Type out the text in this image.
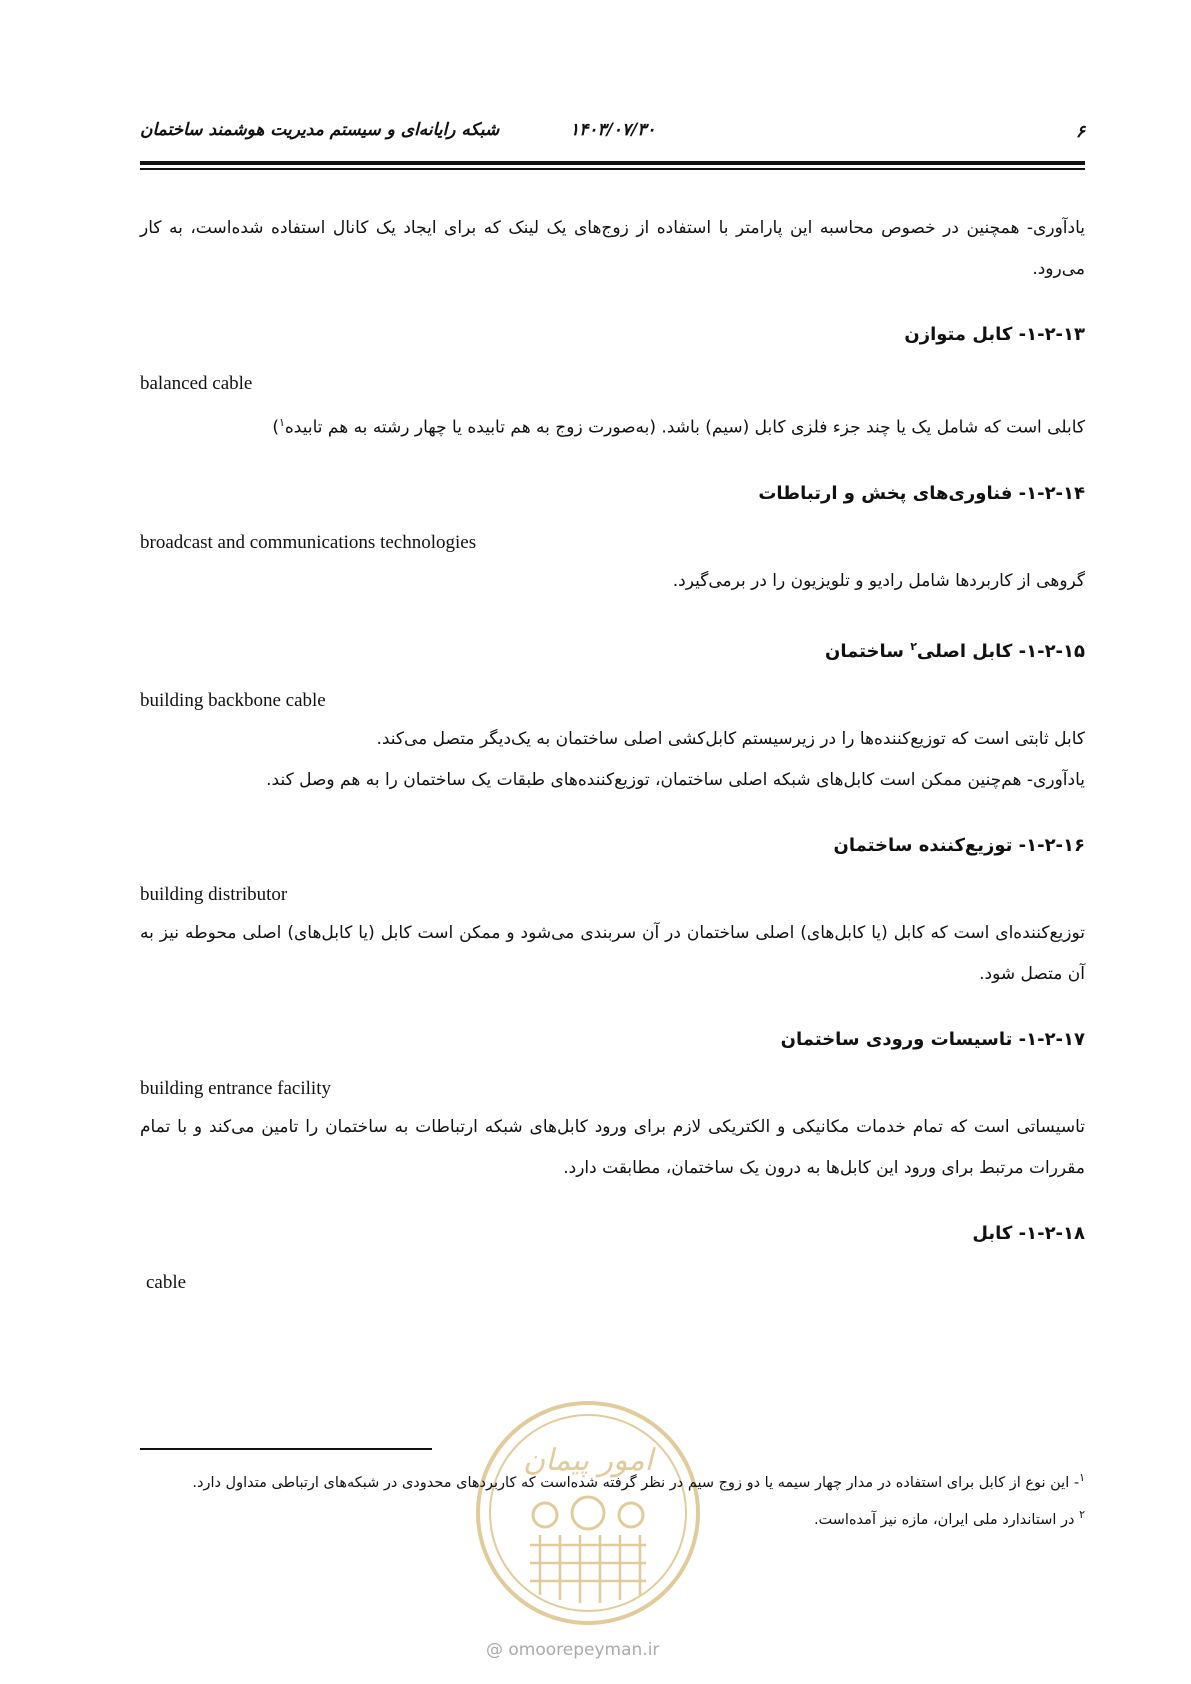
۶
۱۴۰۳/۰۷/۳۰
شبکه رایانه‌ای و سیستم مدیریت هوشمند ساختمان

یادآوری- همچنین در خصوص محاسبه این پارامتر با استفاده از زوج‌های یک لینک که برای ایجاد یک کانال استفاده شده‌است، به کار می‌رود.

۱-۲-۱۳- کابل متوازن

balanced cable

کابلی است که شامل یک یا چند جزء فلزی کابل (سیم) باشد. (به‌صورت زوج به هم تابیده یا چهار رشته به هم تابیده$^۱$)

۱-۲-۱۴- فناوری‌های پخش و ارتباطات

broadcast and communications technologies

گروهی از کاربردها شامل رادیو و تلویزیون را در برمی‌گیرد.

۱-۲-۱۵- کابل اصلی$^۲$ ساختمان

building backbone cable

کابل ثابتی است که توزیع‌کننده‌ها را در زیرسیستم کابل‌کشی اصلی ساختمان به یک‌دیگر متصل می‌کند.

یادآوری- هم‌چنین ممکن است کابل‌های شبکه اصلی ساختمان، توزیع‌کننده‌های طبقات یک ساختمان را به هم وصل کند.

۱-۲-۱۶- توزیع‌کننده ساختمان

building distributor

توزیع‌کننده‌ای است که کابل (یا کابل‌های) اصلی ساختمان در آن سربندی می‌شود و ممکن است کابل (یا کابل‌های) اصلی محوطه نیز به آن متصل شود.

۱-۲-۱۷- تاسیسات ورودی ساختمان

building entrance facility

تاسیساتی است که تمام خدمات مکانیکی و الکتریکی لازم برای ورود کابل‌های شبکه ارتباطات به ساختمان را تامین می‌کند و با تمام مقررات مرتبط برای ورود این کابل‌ها به درون یک ساختمان، مطابقت دارد.

۱-۲-۱۸- کابل

cable

امور پیمان
@ omoorepeyman.ir

$^۱$- این نوع از کابل برای استفاده در مدار چهار سیمه یا دو زوج سیم در نظر گرفته شده‌است که کاربردهای محدودی در شبکه‌های ارتباطی متداول دارد.

$^۲$ در استاندارد ملی ایران، مازه نیز آمده‌است.
